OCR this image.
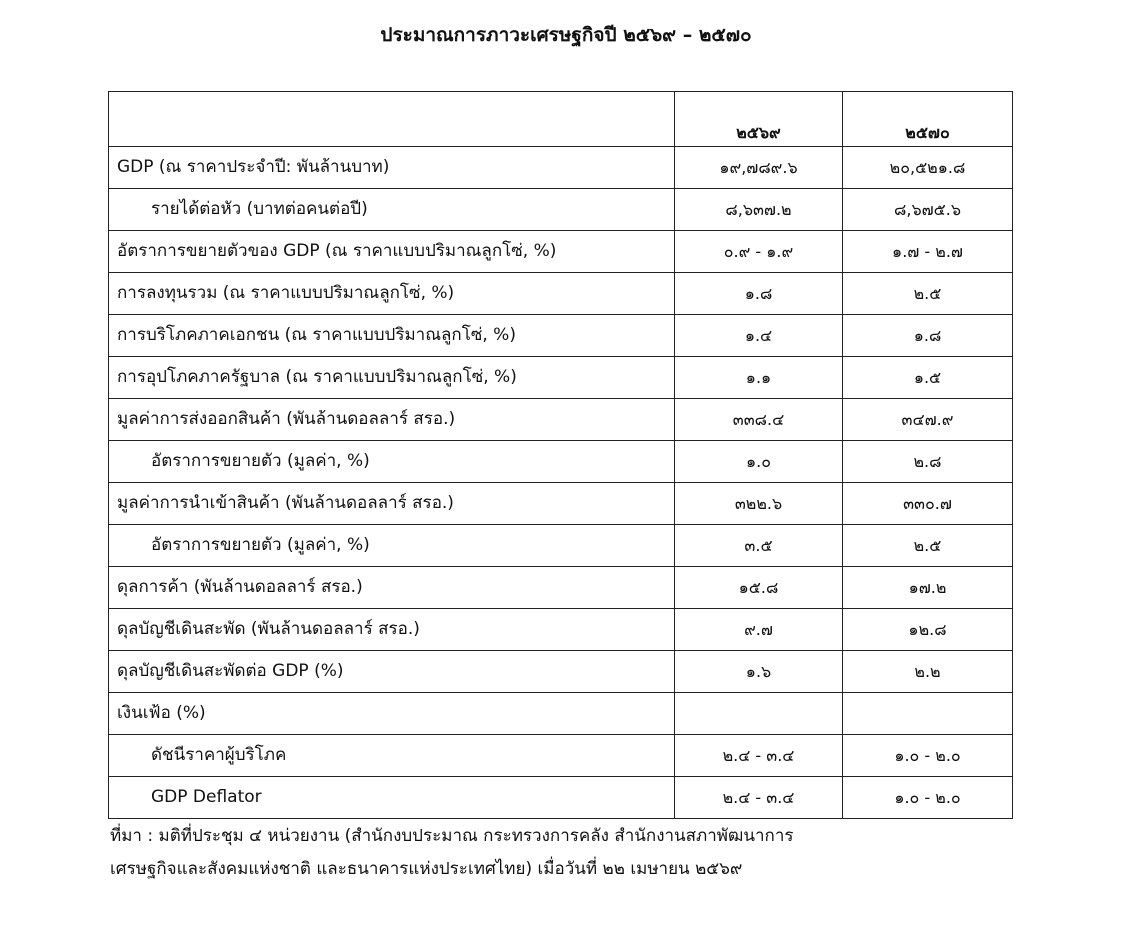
ประมาณการภาวะเศรษฐกิจปี ๒๕๖๙ – ๒๕๗๐
	๒๕๖๙	๒๕๗๐
GDP (ณ ราคาประจำปี: พันล้านบาท)	๑๙,๗๘๙.๖	๒๐,๕๒๑.๘
รายได้ต่อหัว (บาทต่อคนต่อปี)	๘,๖๓๗.๒	๘,๖๗๕.๖
อัตราการขยายตัวของ GDP (ณ ราคาแบบปริมาณลูกโซ่, %)	๐.๙ - ๑.๙	๑.๗ - ๒.๗
การลงทุนรวม (ณ ราคาแบบปริมาณลูกโซ่, %)	๑.๘	๒.๕
การบริโภคภาคเอกชน (ณ ราคาแบบปริมาณลูกโซ่, %)	๑.๔	๑.๘
การอุปโภคภาครัฐบาล (ณ ราคาแบบปริมาณลูกโซ่, %)	๑.๑	๑.๕
มูลค่าการส่งออกสินค้า (พันล้านดอลลาร์ สรอ.)	๓๓๘.๔	๓๔๗.๙
อัตราการขยายตัว (มูลค่า, %)	๑.๐	๒.๘
มูลค่าการนำเข้าสินค้า (พันล้านดอลลาร์ สรอ.)	๓๒๒.๖	๓๓๐.๗
อัตราการขยายตัว (มูลค่า, %)	๓.๕	๒.๕
ดุลการค้า (พันล้านดอลลาร์ สรอ.)	๑๕.๘	๑๗.๒
ดุลบัญชีเดินสะพัด (พันล้านดอลลาร์ สรอ.)	๙.๗	๑๒.๘
ดุลบัญชีเดินสะพัดต่อ GDP (%)	๑.๖	๒.๒
เงินเฟ้อ (%)		
ดัชนีราคาผู้บริโภค	๒.๔ - ๓.๔	๑.๐ - ๒.๐
GDP Deflator	๒.๔ - ๓.๔	๑.๐ - ๒.๐
ที่มา : มติที่ประชุม ๔ หน่วยงาน (สำนักงบประมาณ กระทรวงการคลัง สำนักงานสภาพัฒนาการ
เศรษฐกิจและสังคมแห่งชาติ และธนาคารแห่งประเทศไทย) เมื่อวันที่ ๒๒ เมษายน ๒๕๖๙
